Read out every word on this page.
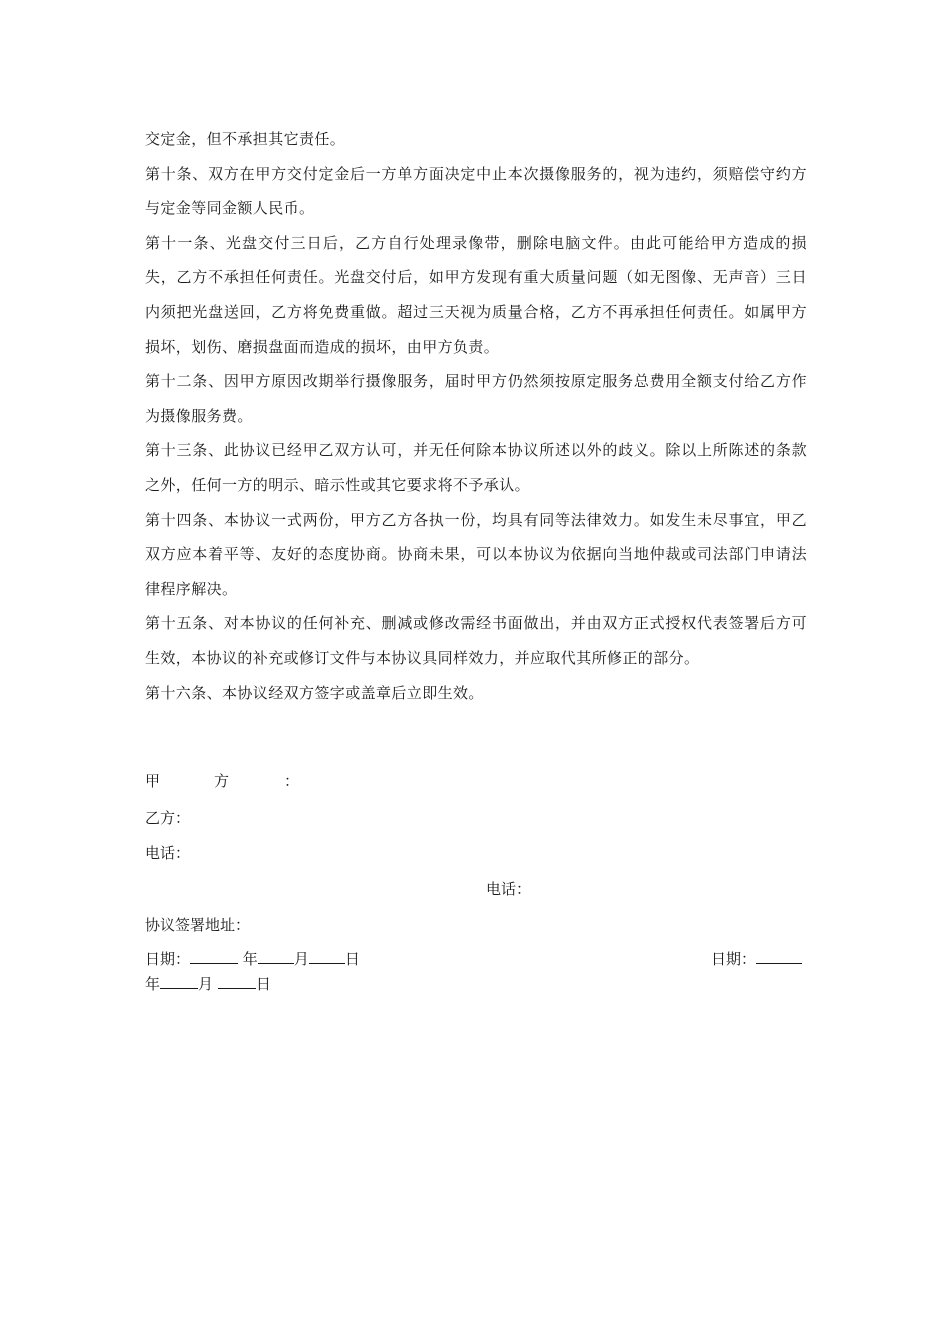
交定金，但不承担其它责任。

第十条、双方在甲方交付定金后一方单方面决定中止本次摄像服务的，视为违约，须赔偿守约方与定金等同金额人民币。

第十一条、光盘交付三日后，乙方自行处理录像带，删除电脑文件。由此可能给甲方造成的损失，乙方不承担任何责任。光盘交付后，如甲方发现有重大质量问题（如无图像、无声音）三日内须把光盘送回，乙方将免费重做。超过三天视为质量合格，乙方不再承担任何责任。如属甲方损坏，划伤、磨损盘面而造成的损坏，由甲方负责。

第十二条、因甲方原因改期举行摄像服务，届时甲方仍然须按原定服务总费用全额支付给乙方作为摄像服务费。

第十三条、此协议已经甲乙双方认可，并无任何除本协议所述以外的歧义。除以上所陈述的条款之外，任何一方的明示、暗示性或其它要求将不予承认。

第十四条、本协议一式两份，甲方乙方各执一份，均具有同等法律效力。如发生未尽事宜，甲乙双方应本着平等、友好的态度协商。协商未果，可以本协议为依据向当地仲裁或司法部门申请法律程序解决。

第十五条、对本协议的任何补充、删减或修改需经书面做出，并由双方正式授权代表签署后方可生效，本协议的补充或修订文件与本协议具同样效力，并应取代其所修正的部分。

第十六条、本协议经双方签字或盖章后立即生效。

甲	方	：
乙方：
电话：
电话：
协议签署地址：
日期：	年 月 日	日期：
年	月	日
